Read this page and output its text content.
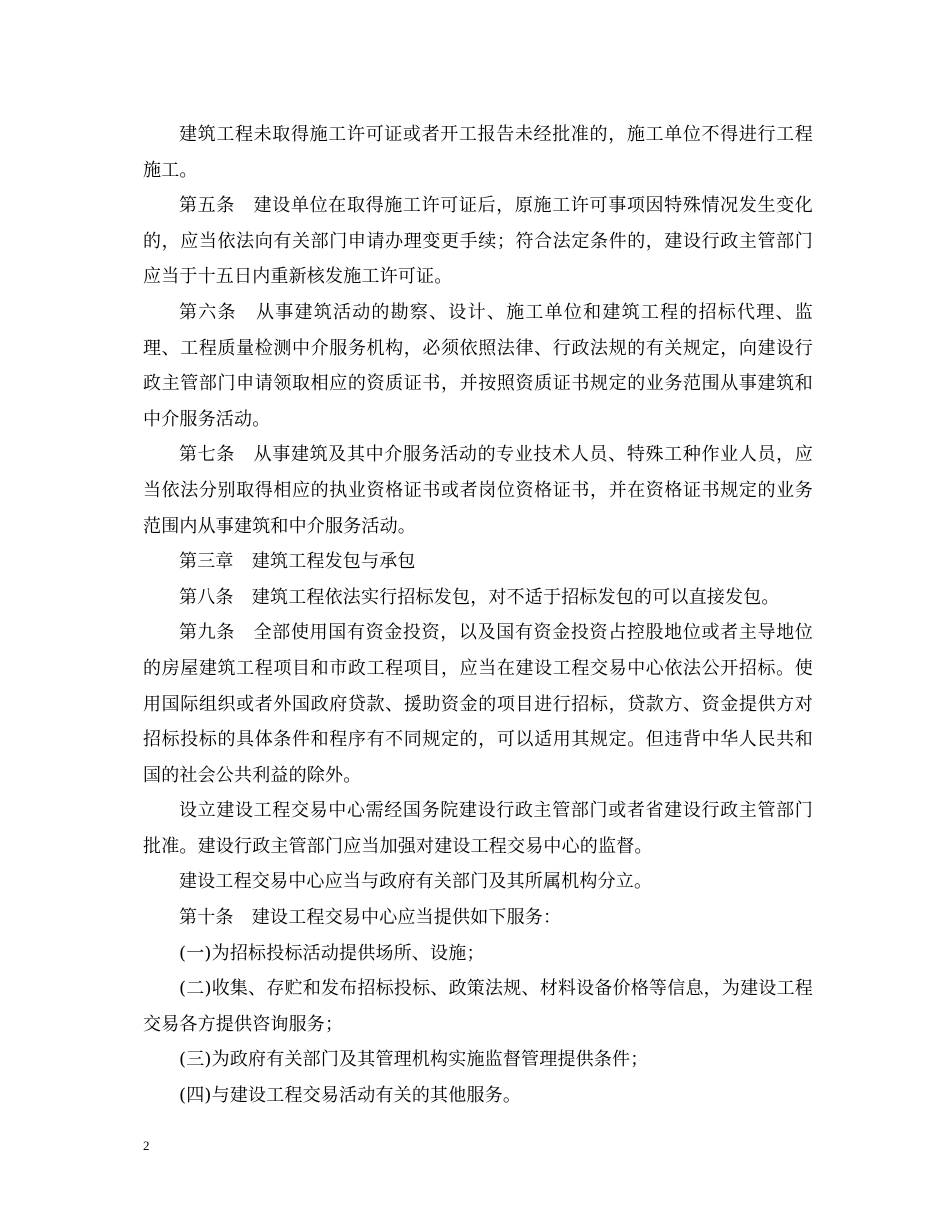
建筑工程未取得施工许可证或者开工报告未经批准的，施工单位不得进行工程施工。

第五条　建设单位在取得施工许可证后，原施工许可事项因特殊情况发生变化的，应当依法向有关部门申请办理变更手续；符合法定条件的，建设行政主管部门应当于十五日内重新核发施工许可证。

第六条　从事建筑活动的勘察、设计、施工单位和建筑工程的招标代理、监理、工程质量检测中介服务机构，必须依照法律、行政法规的有关规定，向建设行政主管部门申请领取相应的资质证书，并按照资质证书规定的业务范围从事建筑和中介服务活动。

第七条　从事建筑及其中介服务活动的专业技术人员、特殊工种作业人员，应当依法分别取得相应的执业资格证书或者岗位资格证书，并在资格证书规定的业务范围内从事建筑和中介服务活动。

第三章　建筑工程发包与承包

第八条　建筑工程依法实行招标发包，对不适于招标发包的可以直接发包。

第九条　全部使用国有资金投资，以及国有资金投资占控股地位或者主导地位的房屋建筑工程项目和市政工程项目，应当在建设工程交易中心依法公开招标。使用国际组织或者外国政府贷款、援助资金的项目进行招标，贷款方、资金提供方对招标投标的具体条件和程序有不同规定的，可以适用其规定。但违背中华人民共和国的社会公共利益的除外。

设立建设工程交易中心需经国务院建设行政主管部门或者省建设行政主管部门批准。建设行政主管部门应当加强对建设工程交易中心的监督。

建设工程交易中心应当与政府有关部门及其所属机构分立。

第十条　建设工程交易中心应当提供如下服务：

(一)为招标投标活动提供场所、设施；

(二)收集、存贮和发布招标投标、政策法规、材料设备价格等信息，为建设工程交易各方提供咨询服务；

(三)为政府有关部门及其管理机构实施监督管理提供条件；

(四)与建设工程交易活动有关的其他服务。

2
